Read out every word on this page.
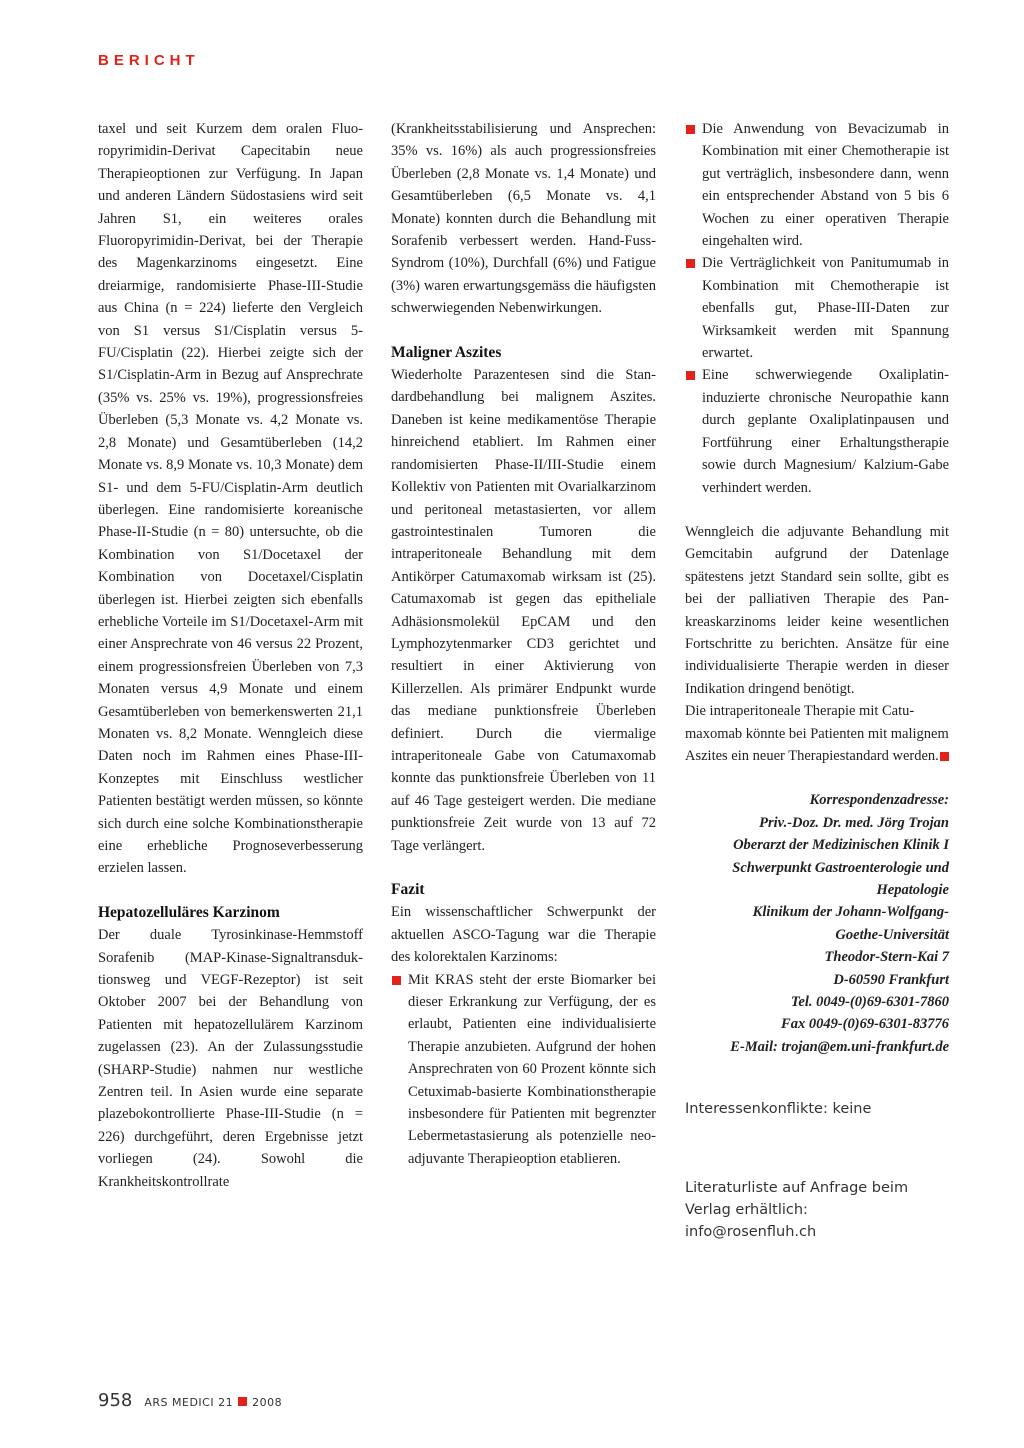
BERICHT

taxel und seit Kurzem dem oralen Fluoropyrimidin-Derivat Capecitabin neue Therapieoptionen zur Verfügung. In Japan und anderen Ländern Südostasiens wird seit Jahren S1, ein weiteres orales Fluoropyrimidin-Derivat, bei der Therapie des Magenkarzinoms eingesetzt. Eine dreiarmige, randomisierte Phase-III-Studie aus China (n = 224) lieferte den Vergleich von S1 versus S1/Cisplatin versus 5-FU/Cisplatin (22). Hierbei zeigte sich der S1/Cisplatin-Arm in Bezug auf Ansprechrate (35% vs. 25% vs. 19%), progressionsfreies Überleben (5,3 Monate vs. 4,2 Monate vs. 2,8 Monate) und Gesamtüberleben (14,2 Monate vs. 8,9 Monate vs. 10,3 Monate) dem S1- und dem 5-FU/Cisplatin-Arm deutlich überlegen. Eine randomisierte koreanische Phase-II-Studie (n = 80) untersuchte, ob die Kombination von S1/Docetaxel der Kombination von Docetaxel/Cisplatin überlegen ist. Hierbei zeigten sich ebenfalls erhebliche Vorteile im S1/Docetaxel-Arm mit einer Ansprechrate von 46 versus 22 Prozent, einem progressionsfreien Überleben von 7,3 Monaten versus 4,9 Monate und einem Gesamtüberleben von bemerkenswerten 21,1 Monaten vs. 8,2 Monate. Wenngleich diese Daten noch im Rahmen eines Phase-III-Konzeptes mit Einschluss westlicher Patienten bestätigt werden müssen, so könnte sich durch eine solche Kombinationstherapie eine erhebliche Prognoseverbesserung erzielen lassen.

Hepatozelluläres Karzinom

Der duale Tyrosinkinase-Hemmstoff Sorafenib (MAP-Kinase-Signaltransduktionsweg und VEGF-Rezeptor) ist seit Oktober 2007 bei der Behandlung von Patienten mit hepatozellulärem Karzinom zugelassen (23). An der Zulassungsstudie (SHARP-Studie) nahmen nur westliche Zentren teil. In Asien wurde eine separate plazebokontrollierte Phase-III-Studie (n = 226) durchgeführt, deren Ergebnisse jetzt vorliegen (24). Sowohl die Krankheitskontrollrate

(Krankheitsstabilisierung und Ansprechen: 35% vs. 16%) als auch progressionsfreies Überleben (2,8 Monate vs. 1,4 Monate) und Gesamtüberleben (6,5 Monate vs. 4,1 Monate) konnten durch die Behandlung mit Sorafenib verbessert werden. Hand-Fuss-Syndrom (10%), Durchfall (6%) und Fatigue (3%) waren erwartungsgemäss die häufigsten schwerwiegenden Nebenwirkungen.

Maligner Aszites

Wiederholte Parazentesen sind die Standardbehandlung bei malignem Aszites. Daneben ist keine medikamentöse Therapie hinreichend etabliert. Im Rahmen einer randomisierten Phase-II/III-Studie einem Kollektiv von Patienten mit Ovarialkarzinom und peritoneal metastasierten, vor allem gastrointestinalen Tumoren die intraperitoneale Behandlung mit dem Antikörper Catumaxomab wirksam ist (25). Catumaxomab ist gegen das epitheliale Adhäsionsmolekül EpCAM und den Lymphozytenmarker CD3 gerichtet und resultiert in einer Aktivierung von Killerzellen. Als primärer Endpunkt wurde das mediane punktionsfreie Überleben definiert. Durch die viermalige intraperitoneale Gabe von Catumaxomab konnte das punktionsfreie Überleben von 11 auf 46 Tage gesteigert werden. Die mediane punktionsfreie Zeit wurde von 13 auf 72 Tage verlängert.

Fazit

Ein wissenschaftlicher Schwerpunkt der aktuellen ASCO-Tagung war die Therapie des kolorektalen Karzinoms:

Mit KRAS steht der erste Biomarker bei dieser Erkrankung zur Verfügung, der es erlaubt, Patienten eine individualisierte Therapie anzubieten. Aufgrund der hohen Ansprechraten von 60 Prozent könnte sich Cetuximab-basierte Kombinationstherapie insbesondere für Patienten mit begrenzter Lebermetastasierung als potenzielle neoadjuvante Therapieoption etablieren.

Die Anwendung von Bevacizumab in Kombination mit einer Chemotherapie ist gut verträglich, insbesondere dann, wenn ein entsprechender Abstand von 5 bis 6 Wochen zu einer operativen Therapie eingehalten wird.

Die Verträglichkeit von Panitumumab in Kombination mit Chemotherapie ist ebenfalls gut, Phase-III-Daten zur Wirksamkeit werden mit Spannung erwartet.

Eine schwerwiegende Oxaliplatin-induzierte chronische Neuropathie kann durch geplante Oxaliplatinpausen und Fortführung einer Erhaltungstherapie sowie durch Magnesium/ Kalzium-Gabe verhindert werden.

Wenngleich die adjuvante Behandlung mit Gemcitabin aufgrund der Datenlage spätestens jetzt Standard sein sollte, gibt es bei der palliativen Therapie des Pankreaskarzinoms leider keine wesentlichen Fortschritte zu berichten. Ansätze für eine individualisierte Therapie werden in dieser Indikation dringend benötigt.

Die intraperitoneale Therapie mit Catumaxomab könnte bei Patienten mit malignem Aszites ein neuer Therapiestandard werden.

Korrespondenzadresse:

Priv.-Doz. Dr. med. Jörg Trojan

Oberarzt der Medizinischen Klinik I

Schwerpunkt Gastroenterologie und

Hepatologie

Klinikum der Johann-Wolfgang-

Goethe-Universität

Theodor-Stern-Kai 7

D-60590 Frankfurt

Tel. 0049-(0)69-6301-7860

Fax 0049-(0)69-6301-83776

E-Mail: trojan@em.uni-frankfurt.de

Interessenkonflikte: keine

Literaturliste auf Anfrage beim Verlag erhältlich:

info@rosenfluh.ch

958 ARS MEDICI 21 2008
